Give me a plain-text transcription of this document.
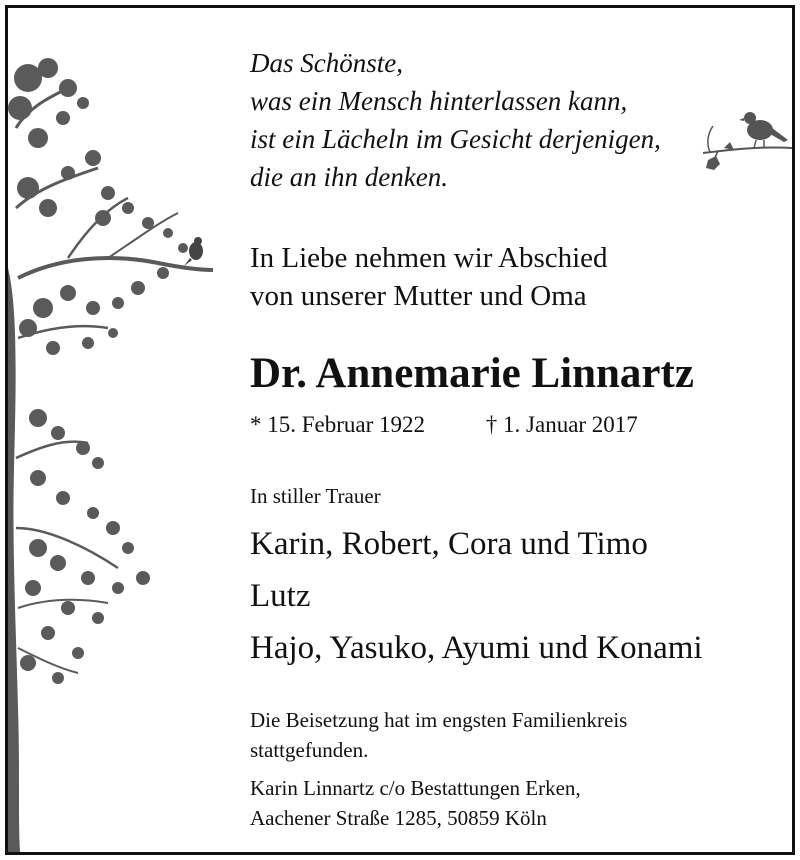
Das Schönste,
was ein Mensch hinterlassen kann,
ist ein Lächeln im Gesicht derjenigen,
die an ihn denken.
In Liebe nehmen wir Abschied
von unserer Mutter und Oma
Dr. Annemarie Linnartz
* 15. Februar 1922	† 1. Januar 2017
In stiller Trauer
Karin, Robert, Cora und Timo
Lutz
Hajo, Yasuko, Ayumi und Konami
Die Beisetzung hat im engsten Familienkreis
stattgefunden.
Karin Linnartz c/o Bestattungen Erken,
Aachener Straße 1285, 50859 Köln
